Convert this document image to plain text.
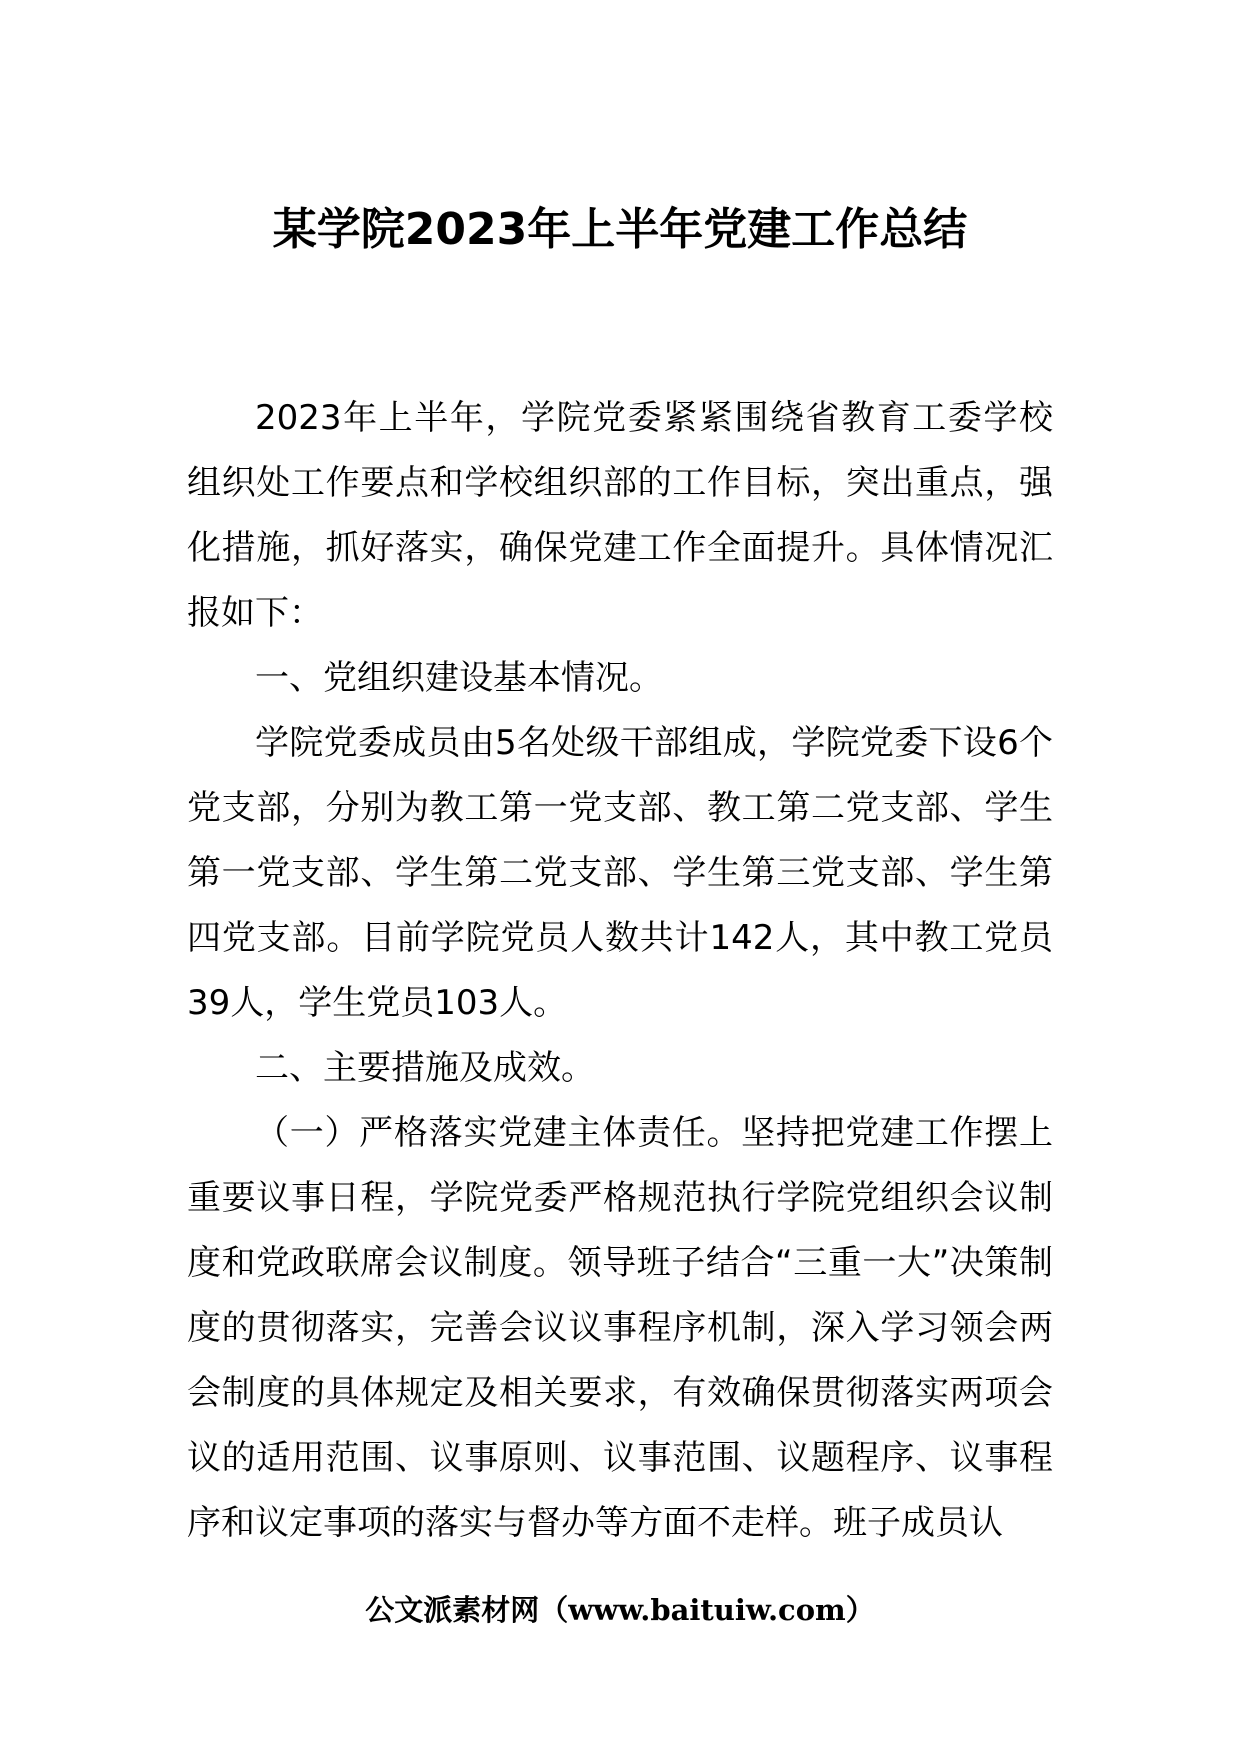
某学院2023年上半年党建工作总结

2023年上半年，学院党委紧紧围绕省教育工委学校组织处工作要点和学校组织部的工作目标，突出重点，强化措施，抓好落实，确保党建工作全面提升。具体情况汇报如下：

一、党组织建设基本情况。

学院党委成员由5名处级干部组成，学院党委下设6个党支部，分别为教工第一党支部、教工第二党支部、学生第一党支部、学生第二党支部、学生第三党支部、学生第四党支部。目前学院党员人数共计142人，其中教工党员39人，学生党员103人。

二、主要措施及成效。

（一）严格落实党建主体责任。坚持把党建工作摆上重要议事日程，学院党委严格规范执行学院党组织会议制度和党政联席会议制度。领导班子结合“三重一大”决策制度的贯彻落实，完善会议议事程序机制，深入学习领会两会制度的具体规定及相关要求，有效确保贯彻落实两项会议的适用范围、议事原则、议事范围、议题程序、议事程序和议定事项的落实与督办等方面不走样。班子成员认

公文派素材网（www.baituiw.com）
